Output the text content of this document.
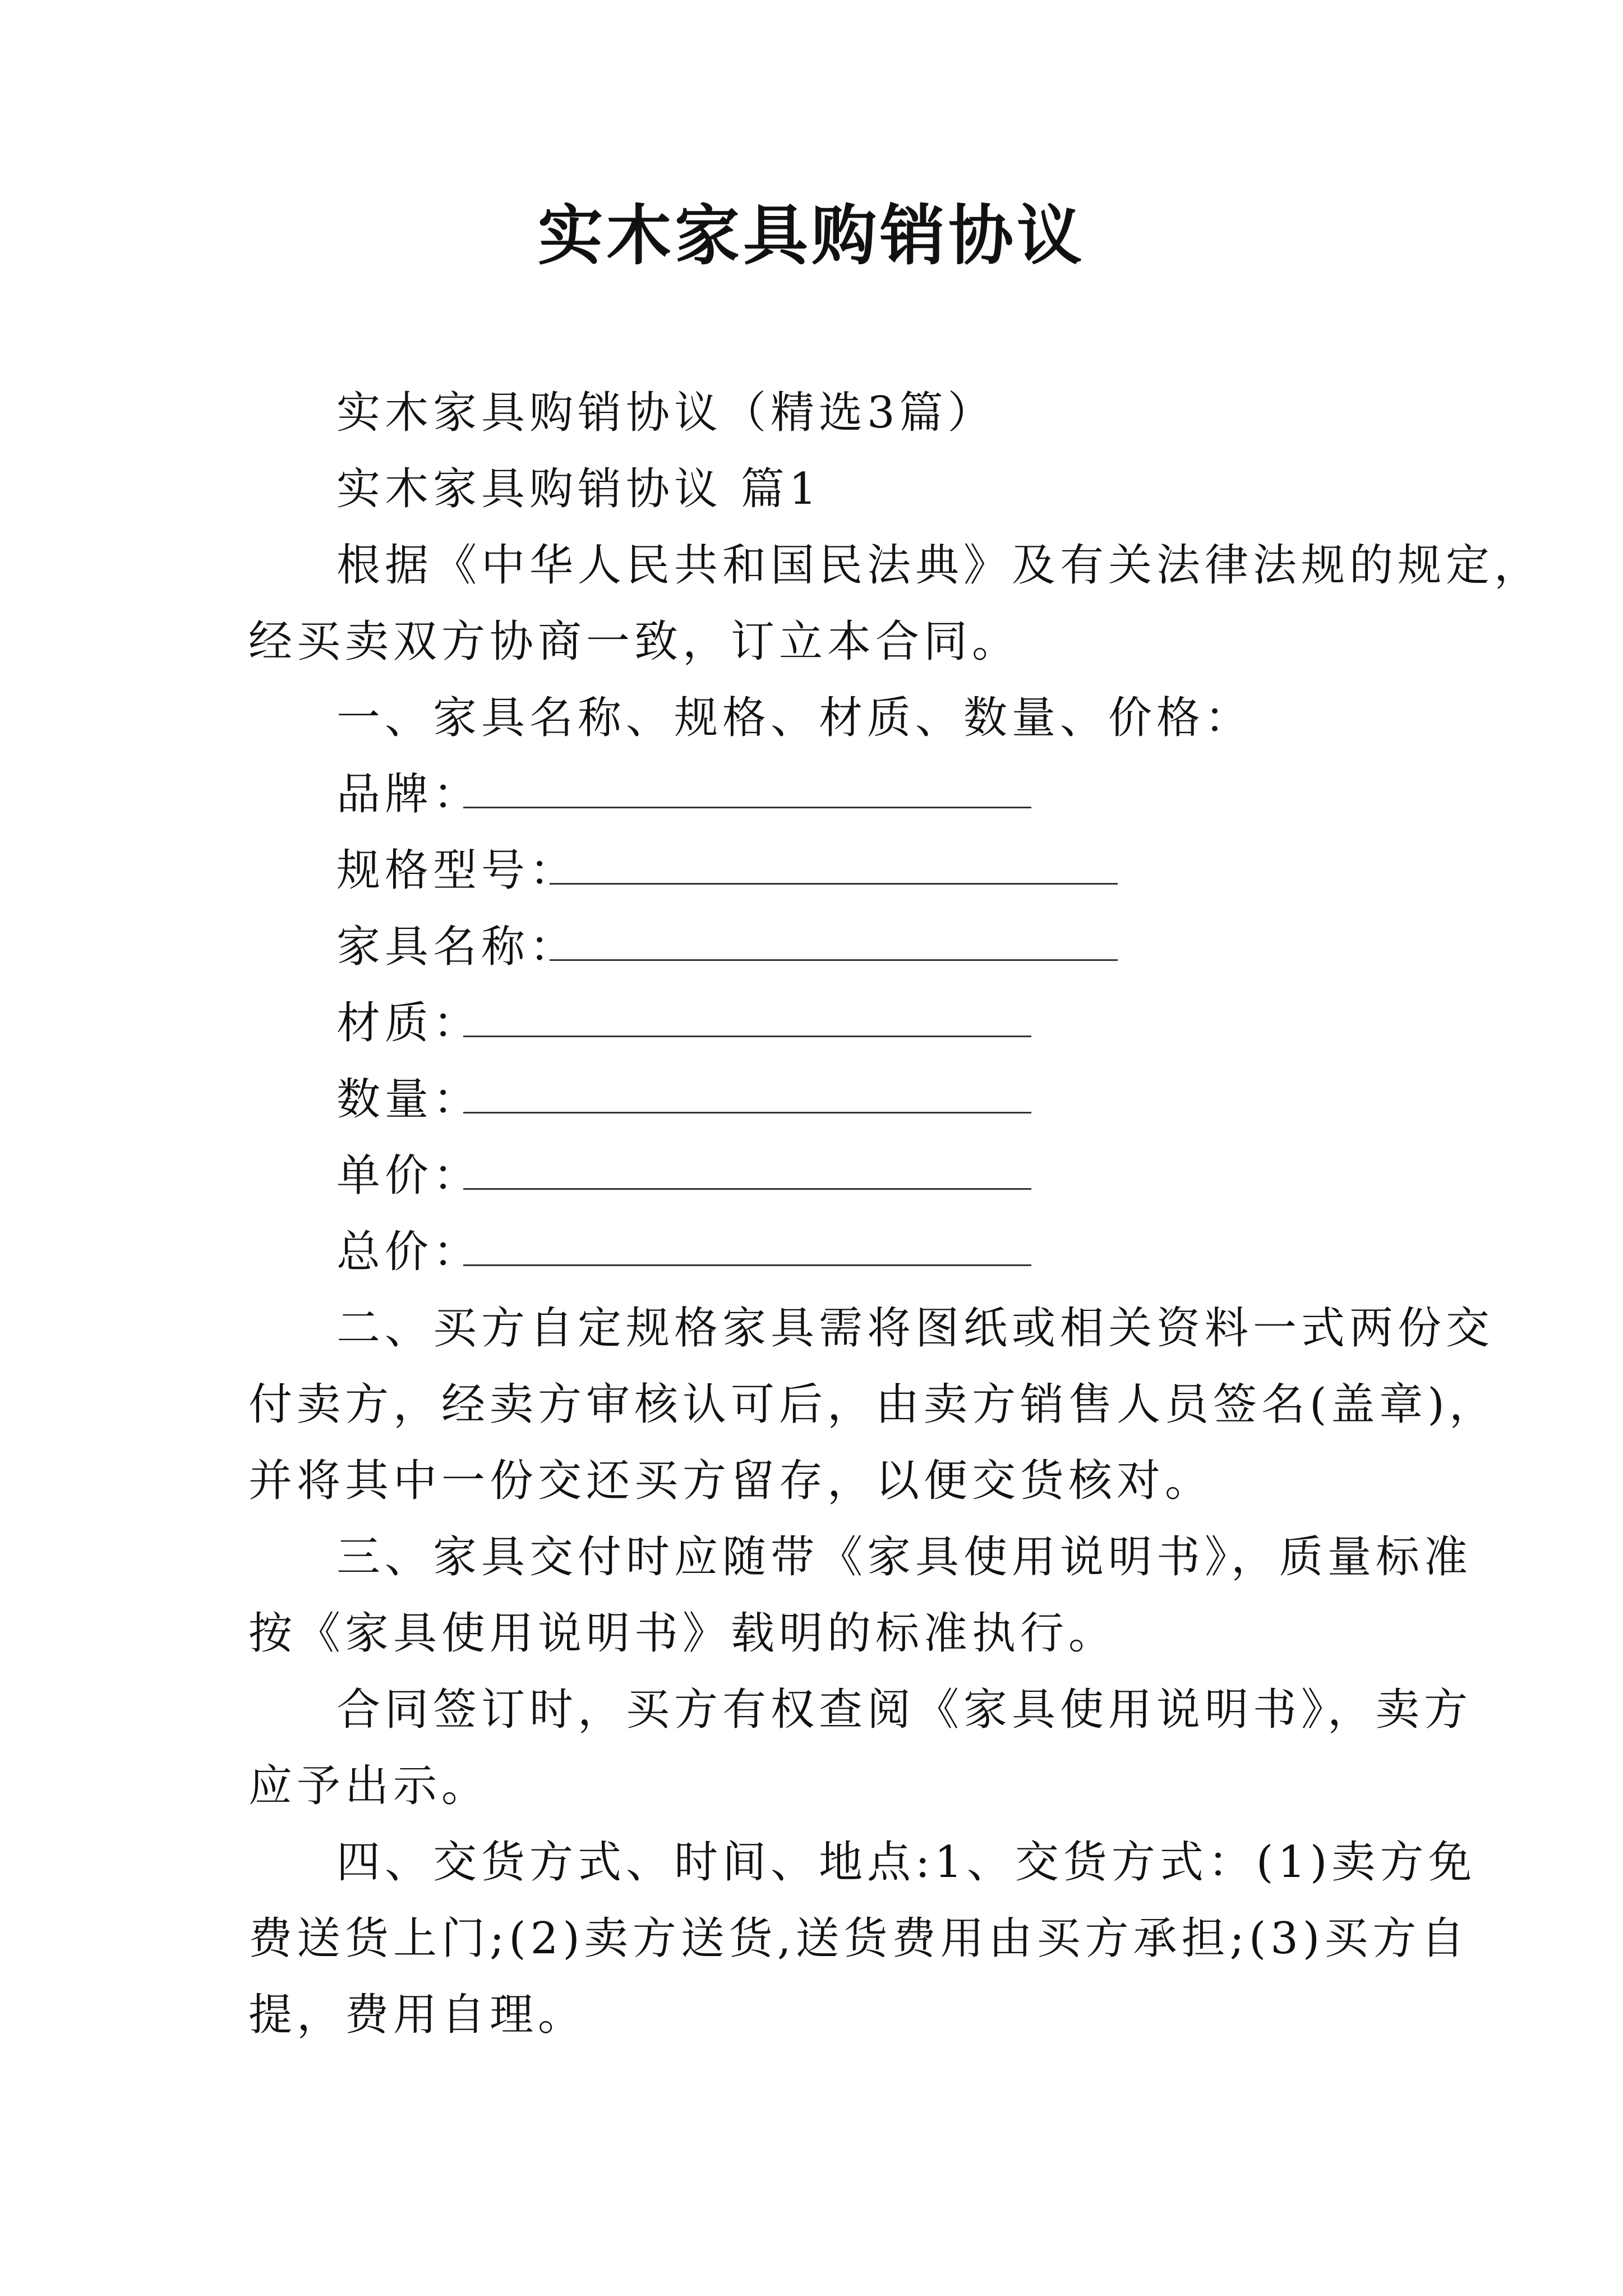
实木家具购销协议
实木家具购销协议（精选3篇）
实木家具购销协议 篇1
根据《中华人民共和国民法典》及有关法律法规的规定，
经买卖双方协商一致，订立本合同。
一、家具名称、规格、材质、数量、价格：
品牌：
规格型号：
家具名称：
材质：
数量：
单价：
总价：
二、买方自定规格家具需将图纸或相关资料一式两份交
付卖方，经卖方审核认可后，由卖方销售人员签名(盖章)，
并将其中一份交还买方留存，以便交货核对。
三、家具交付时应随带《家具使用说明书》，质量标准
按《家具使用说明书》载明的标准执行。
合同签订时，买方有权查阅《家具使用说明书》，卖方
应予出示。
四、交货方式、时间、地点:1、交货方式：(1)卖方免
费送货上门;(2)卖方送货,送货费用由买方承担;(3)买方自
提，费用自理。
